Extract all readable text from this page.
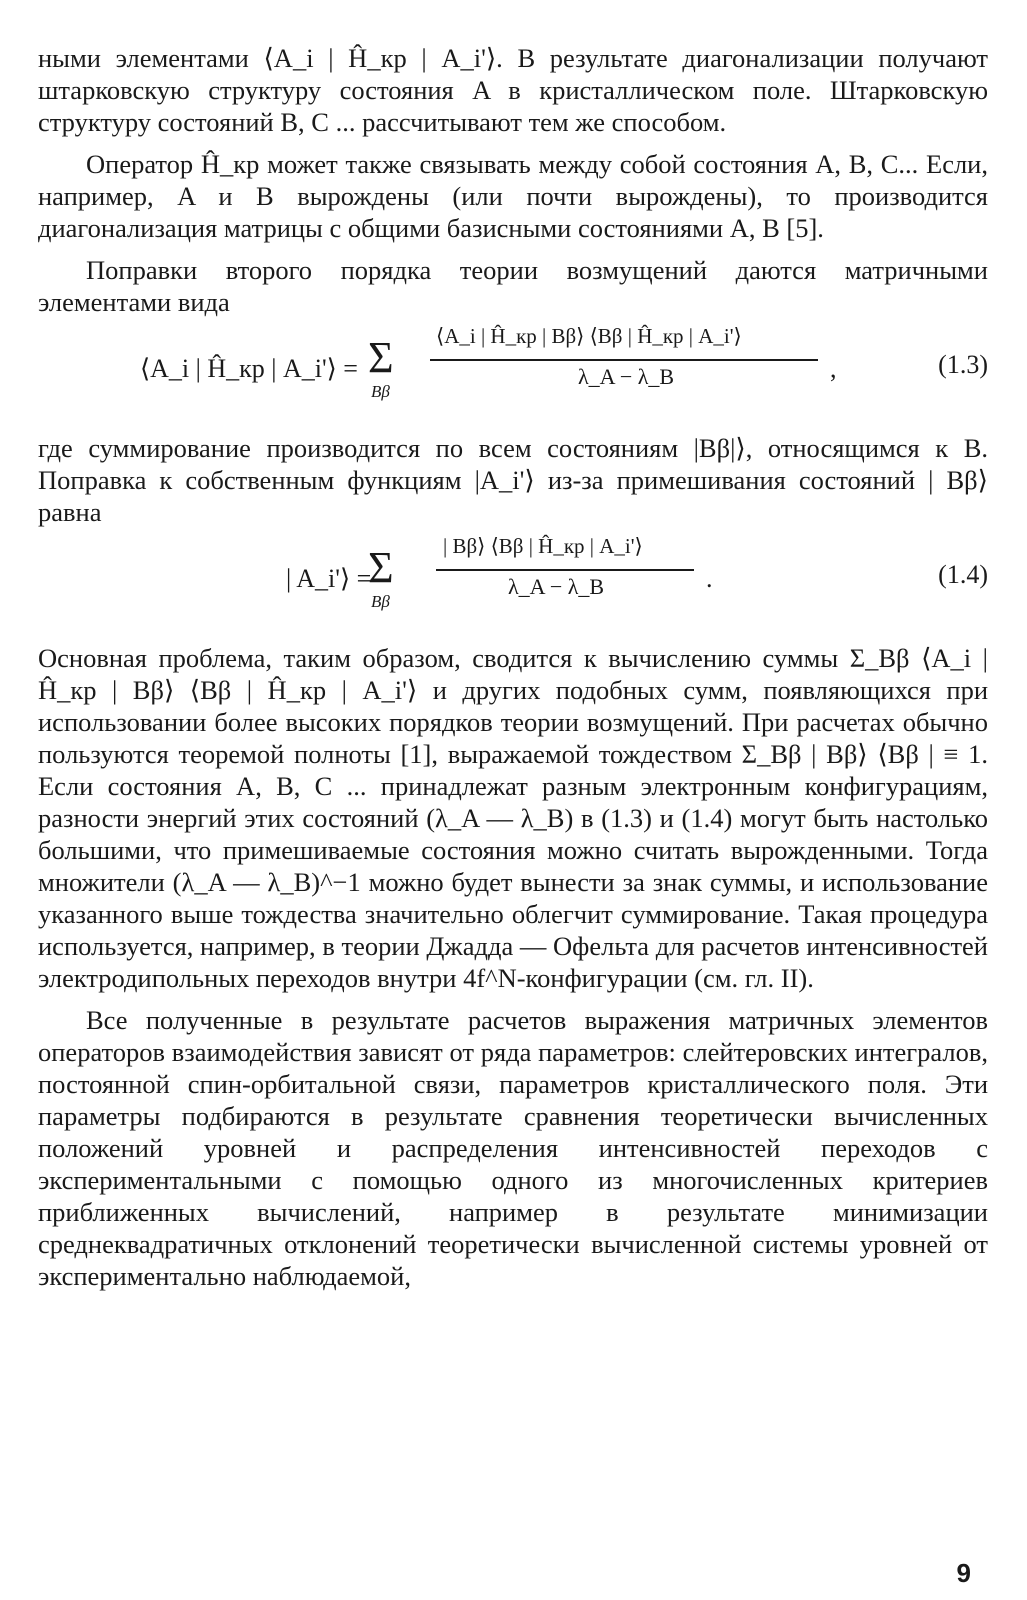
ными элементами ⟨A_i | Ĥ_кр | A_i'⟩. В результате диагонализации получают штарковскую структуру состояния A в кристаллическом поле. Штарковскую структуру состояний B, C ... рассчитывают тем же способом.

Оператор Ĥ_кр может также связывать между собой состояния A, B, C... Если, например, A и B вырождены (или почти вырождены), то производится диагонализация матрицы с общими базисными состояниями A, B [5].

Поправки второго порядка теории возмущений даются матричными элементами вида

⟨A_i | Ĥ_кр | A_i'⟩ = Σ
Bβ
⟨A_i | Ĥ_кр | Bβ⟩ ⟨Bβ | Ĥ_кр | A_i'⟩
λ_A − λ_B	,	(1.3)

где суммирование производится по всем состояниям |Bβ|⟩, относящимся к B. Поправка к собственным функциям |A_i'⟩ из-за примешивания состояний | Bβ⟩ равна

| A_i'⟩ =
Σ
Bβ
| Bβ⟩ ⟨Bβ | Ĥ_кр | A_i'⟩
λ_A − λ_B	.	(1.4)

Основная проблема, таким образом, сводится к вычислению суммы Σ_Bβ ⟨A_i | Ĥ_кр | Bβ⟩ ⟨Bβ | Ĥ_кр | A_i'⟩ и других подобных сумм, появляющихся при использовании более высоких порядков теории возмущений. При расчетах обычно пользуются теоремой полноты [1], выражаемой тождеством Σ_Bβ | Bβ⟩ ⟨Bβ | ≡ 1. Если состояния A, B, C ... принадлежат разным электронным конфигурациям, разности энергий этих состояний (λ_A — λ_B) в (1.3) и (1.4) могут быть настолько большими, что примешиваемые состояния можно считать вырожденными. Тогда множители (λ_A — λ_B)^−1 можно будет вынести за знак суммы, и использование указанного выше тождества значительно облегчит суммирование. Такая процедура используется, например, в теории Джадда — Офельта для расчетов интенсивностей электродипольных переходов внутри 4f^N-конфигурации (см. гл. II).

Все полученные в результате расчетов выражения матричных элементов операторов взаимодействия зависят от ряда параметров: слейтеровских интегралов, постоянной спин-орбитальной связи, параметров кристаллического поля. Эти параметры подбираются в результате сравнения теоретически вычисленных положений уровней и распределения интенсивностей переходов с экспериментальными с помощью одного из многочисленных критериев приближенных вычислений, например в результате минимизации среднеквадратичных отклонений теоретически вычисленной системы уровней от экспериментально наблюдаемой,

9
